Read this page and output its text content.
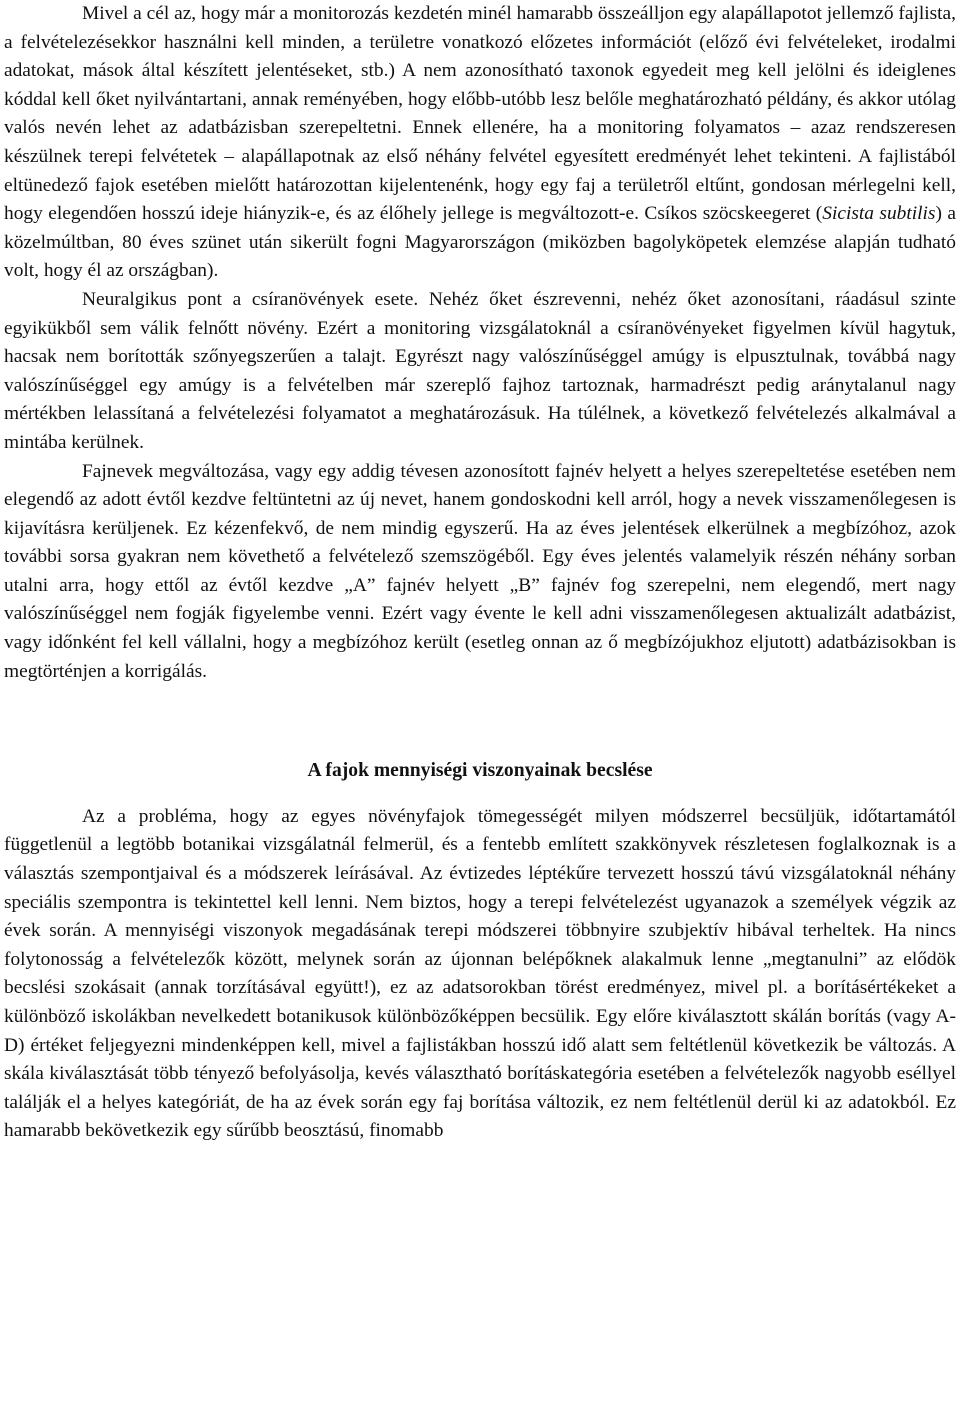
Mivel a cél az, hogy már a monitorozás kezdetén minél hamarabb összeálljon egy alapállapotot jellemző fajlista, a felvételezésekkor használni kell minden, a területre vonatkozó előzetes információt (előző évi felvételeket, irodalmi adatokat, mások által készített jelentéseket, stb.) A nem azonosítható taxonok egyedeit meg kell jelölni és ideiglenes kóddal kell őket nyilvántartani, annak reményében, hogy előbb-utóbb lesz belőle meghatározható példány, és akkor utólag valós nevén lehet az adatbázisban szerepeltetni. Ennek ellenére, ha a monitoring folyamatos – azaz rendszeresen készülnek terepi felvétetek – alapállapotnak az első néhány felvétel egyesített eredményét lehet tekinteni. A fajlistából eltünedező fajok esetében mielőtt határozottan kijelentenénk, hogy egy faj a területről eltűnt, gondosan mérlegelni kell, hogy elegendően hosszú ideje hiányzik-e, és az élőhely jellege is megváltozott-e. Csíkos szöcskeegeret (Sicista subtilis) a közelmúltban, 80 éves szünet után sikerült fogni Magyarországon (miközben bagolyköpetek elemzése alapján tudható volt, hogy él az országban).

Neuralgikus pont a csíranövények esete. Nehéz őket észrevenni, nehéz őket azonosítani, ráadásul szinte egyikükből sem válik felnőtt növény. Ezért a monitoring vizsgálatoknál a csíranövényeket figyelmen kívül hagytuk, hacsak nem borították szőnyegszerűen a talajt. Egyrészt nagy valószínűséggel amúgy is elpusztulnak, továbbá nagy valószínűséggel egy amúgy is a felvételben már szereplő fajhoz tartoznak, harmadrészt pedig aránytalanul nagy mértékben lelassítaná a felvételezési folyamatot a meghatározásuk. Ha túlélnek, a következő felvételezés alkalmával a mintába kerülnek.

Fajnevek megváltozása, vagy egy addig tévesen azonosított fajnév helyett a helyes szerepeltetése esetében nem elegendő az adott évtől kezdve feltüntetni az új nevet, hanem gondoskodni kell arról, hogy a nevek visszamenőlegesen is kijavításra kerüljenek. Ez kézenfekvő, de nem mindig egyszerű. Ha az éves jelentések elkerülnek a megbízóhoz, azok további sorsa gyakran nem követhető a felvételező szemszögéből. Egy éves jelentés valamelyik részén néhány sorban utalni arra, hogy ettől az évtől kezdve „A” fajnév helyett „B” fajnév fog szerepelni, nem elegendő, mert nagy valószínűséggel nem fogják figyelembe venni. Ezért vagy évente le kell adni visszamenőlegesen aktualizált adatbázist, vagy időnként fel kell vállalni, hogy a megbízóhoz került (esetleg onnan az ő megbízójukhoz eljutott) adatbázisokban is megtörténjen a korrigálás.

A fajok mennyiségi viszonyainak becslése

Az a probléma, hogy az egyes növényfajok tömegességét milyen módszerrel becsüljük, időtartamától függetlenül a legtöbb botanikai vizsgálatnál felmerül, és a fentebb említett szakkönyvek részletesen foglalkoznak is a választás szempontjaival és a módszerek leírásával. Az évtizedes léptékűre tervezett hosszú távú vizsgálatoknál néhány speciális szempontra is tekintettel kell lenni. Nem biztos, hogy a terepi felvételezést ugyanazok a személyek végzik az évek során. A mennyiségi viszonyok megadásának terepi módszerei többnyire szubjektív hibával terheltek. Ha nincs folytonosság a felvételezők között, melynek során az újonnan belépőknek alakalmuk lenne „megtanulni” az elődök becslési szokásait (annak torzításával együtt!), ez az adatsorokban törést eredményez, mivel pl. a borításértékeket a különböző iskolákban nevelkedett botanikusok különbözőképpen becsülik. Egy előre kiválasztott skálán borítás (vagy A-D) értéket feljegyezni mindenképpen kell, mivel a fajlistákban hosszú idő alatt sem feltétlenül következik be változás. A skála kiválasztását több tényező befolyásolja, kevés választható borításkategória esetében a felvételezők nagyobb eséllyel találják el a helyes kategóriát, de ha az évek során egy faj borítása változik, ez nem feltétlenül derül ki az adatokból. Ez hamarabb bekövetkezik egy sűrűbb beosztású, finomabb
